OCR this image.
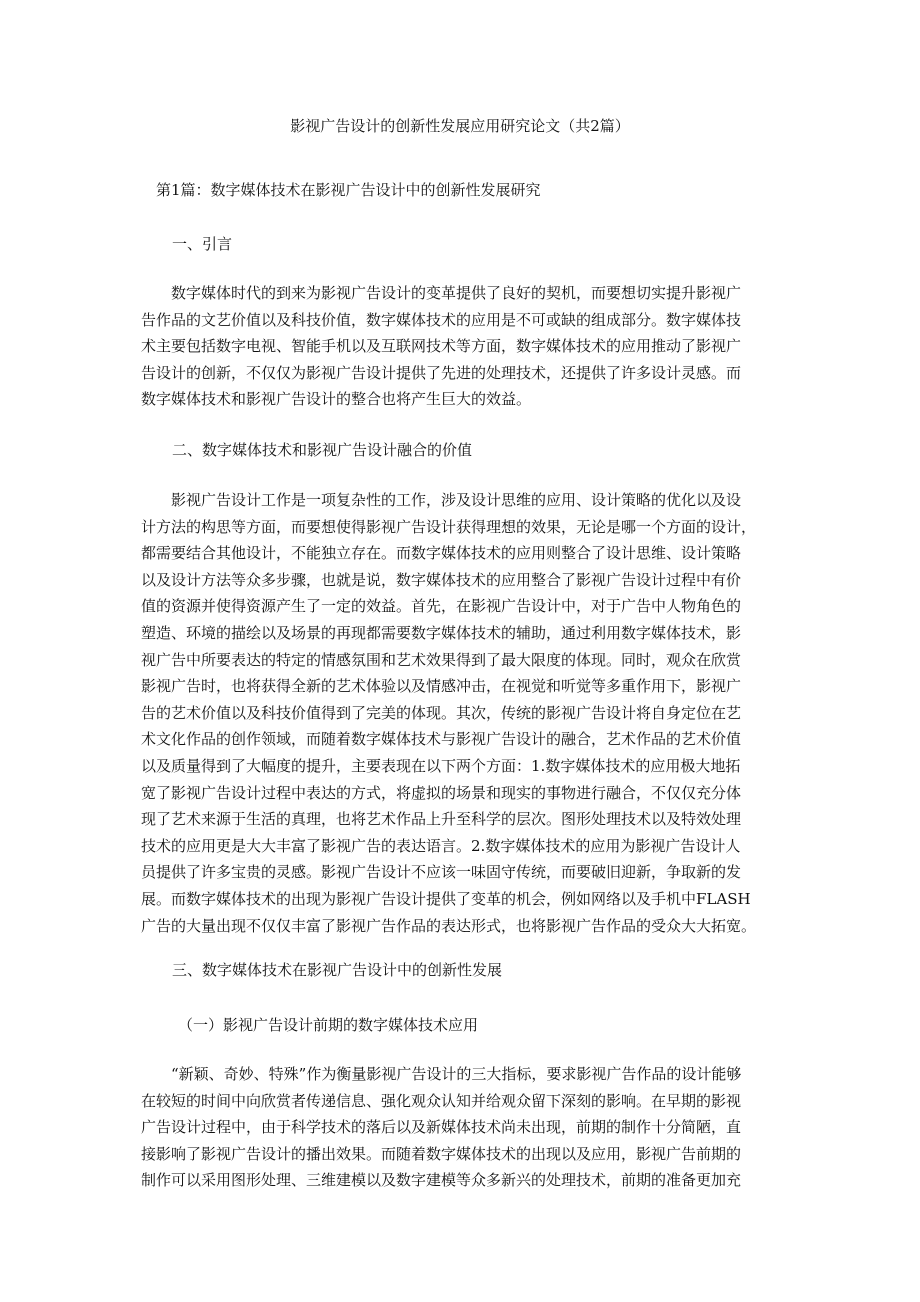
影视广告设计的创新性发展应用研究论文（共2篇）
第1篇：数字媒体技术在影视广告设计中的创新性发展研究
一、引言
数字媒体时代的到来为影视广告设计的变革提供了良好的契机，而要想切实提升影视广
告作品的文艺价值以及科技价值，数字媒体技术的应用是不可或缺的组成部分。数字媒体技
术主要包括数字电视、智能手机以及互联网技术等方面，数字媒体技术的应用推动了影视广
告设计的创新，不仅仅为影视广告设计提供了先进的处理技术，还提供了许多设计灵感。而
数字媒体技术和影视广告设计的整合也将产生巨大的效益。
二、数字媒体技术和影视广告设计融合的价值
影视广告设计工作是一项复杂性的工作，涉及设计思维的应用、设计策略的优化以及设
计方法的构思等方面，而要想使得影视广告设计获得理想的效果，无论是哪一个方面的设计，
都需要结合其他设计，不能独立存在。而数字媒体技术的应用则整合了设计思维、设计策略
以及设计方法等众多步骤，也就是说，数字媒体技术的应用整合了影视广告设计过程中有价
值的资源并使得资源产生了一定的效益。首先，在影视广告设计中，对于广告中人物角色的
塑造、环境的描绘以及场景的再现都需要数字媒体技术的辅助，通过利用数字媒体技术，影
视广告中所要表达的特定的情感氛围和艺术效果得到了最大限度的体现。同时，观众在欣赏
影视广告时，也将获得全新的艺术体验以及情感冲击，在视觉和听觉等多重作用下，影视广
告的艺术价值以及科技价值得到了完美的体现。其次，传统的影视广告设计将自身定位在艺
术文化作品的创作领域，而随着数字媒体技术与影视广告设计的融合，艺术作品的艺术价值
以及质量得到了大幅度的提升，主要表现在以下两个方面：1.数字媒体技术的应用极大地拓
宽了影视广告设计过程中表达的方式，将虚拟的场景和现实的事物进行融合，不仅仅充分体
现了艺术来源于生活的真理，也将艺术作品上升至科学的层次。图形处理技术以及特效处理
技术的应用更是大大丰富了影视广告的表达语言。2.数字媒体技术的应用为影视广告设计人
员提供了许多宝贵的灵感。影视广告设计不应该一味固守传统，而要破旧迎新，争取新的发
展。而数字媒体技术的出现为影视广告设计提供了变革的机会，例如网络以及手机中FLASH
广告的大量出现不仅仅丰富了影视广告作品的表达形式，也将影视广告作品的受众大大拓宽。
三、数字媒体技术在影视广告设计中的创新性发展
（一）影视广告设计前期的数字媒体技术应用
“新颖、奇妙、特殊”作为衡量影视广告设计的三大指标，要求影视广告作品的设计能够
在较短的时间中向欣赏者传递信息、强化观众认知并给观众留下深刻的影响。在早期的影视
广告设计过程中，由于科学技术的落后以及新媒体技术尚未出现，前期的制作十分简陋，直
接影响了影视广告设计的播出效果。而随着数字媒体技术的出现以及应用，影视广告前期的
制作可以采用图形处理、三维建模以及数字建模等众多新兴的处理技术，前期的准备更加充
